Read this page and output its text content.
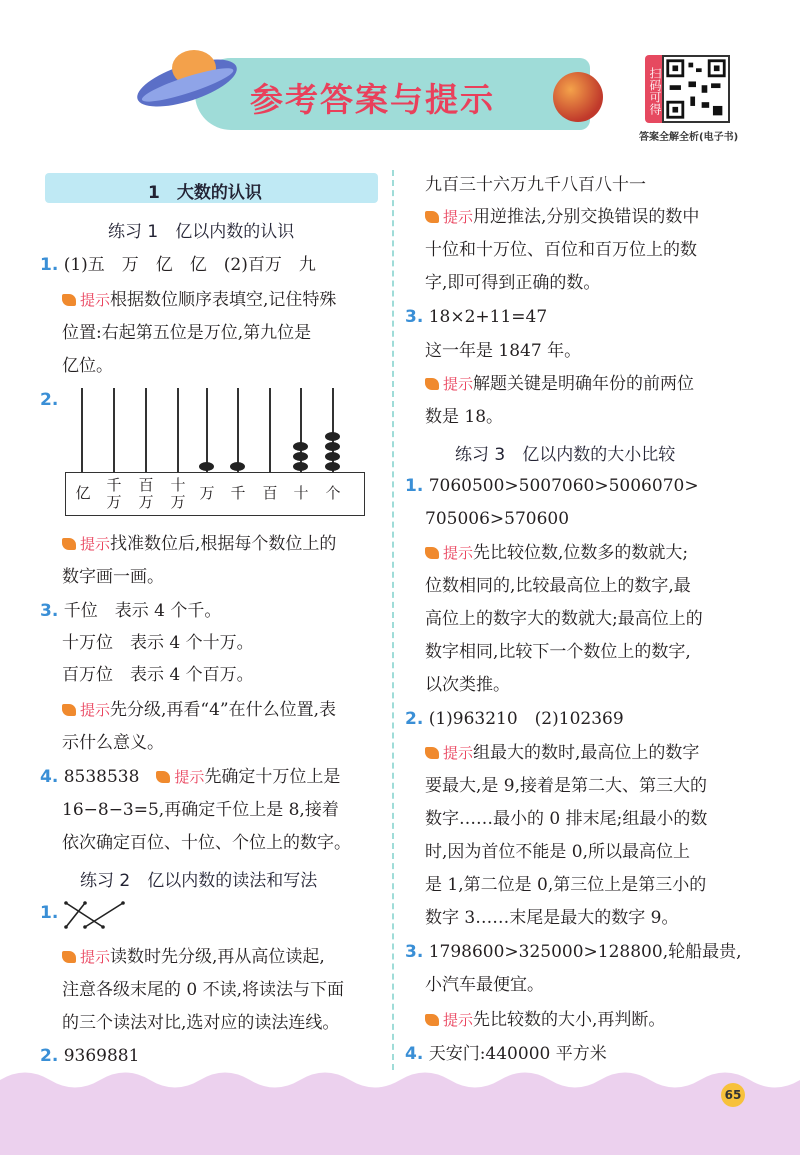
参考答案与提示	扫码可得
答案全解全析(电子书)
1　大数的认识
练习 1　亿以内数的认识
1. (1)五　万　亿　亿　(2)百万　九
提示根据数位顺序表填空,记住特殊
位置:右起第五位是万位,第九位是
亿位。
2.
亿 千
万
百
万
十
万 万 千 百 十 个
提示找准数位后,根据每个数位上的
数字画一画。
3. 千位　表示 4 个千。
十万位　表示 4 个十万。
百万位　表示 4 个百万。
提示先分级,再看“4”在什么位置,表
示什么意义。
4. 8538538　 提示先确定十万位上是
16−8−3=5,再确定千位上是 8,接着
依次确定百位、十位、个位上的数字。
练习 2　亿以内数的读法和写法
1.
提示读数时先分级,再从高位读起,
注意各级末尾的 0 不读,将读法与下面
的三个读法对比,选对应的读法连线。
2. 9369881
九百三十六万九千八百八十一
提示用逆推法,分别交换错误的数中
十位和十万位、百位和百万位上的数
字,即可得到正确的数。
3. 18×2+11=47
这一年是 1847 年。
提示解题关键是明确年份的前两位
数是 18。
练习 3　亿以内数的大小比较
1. 7060500>5007060>5006070>
705006>570600
提示先比较位数,位数多的数就大;
位数相同的,比较最高位上的数字,最
高位上的数字大的数就大;最高位上的
数字相同,比较下一个数位上的数字,
以次类推。
2. (1)963210　(2)102369
提示组最大的数时,最高位上的数字
要最大,是 9,接着是第二大、第三大的
数字……最小的 0 排末尾;组最小的数
时,因为首位不能是 0,所以最高位上
是 1,第二位是 0,第三位上是第三小的
数字 3……末尾是最大的数字 9。
3. 1798600>325000>128800,轮船最贵,
小汽车最便宜。
提示先比较数的大小,再判断。
4. 天安门:440000 平方米
65
